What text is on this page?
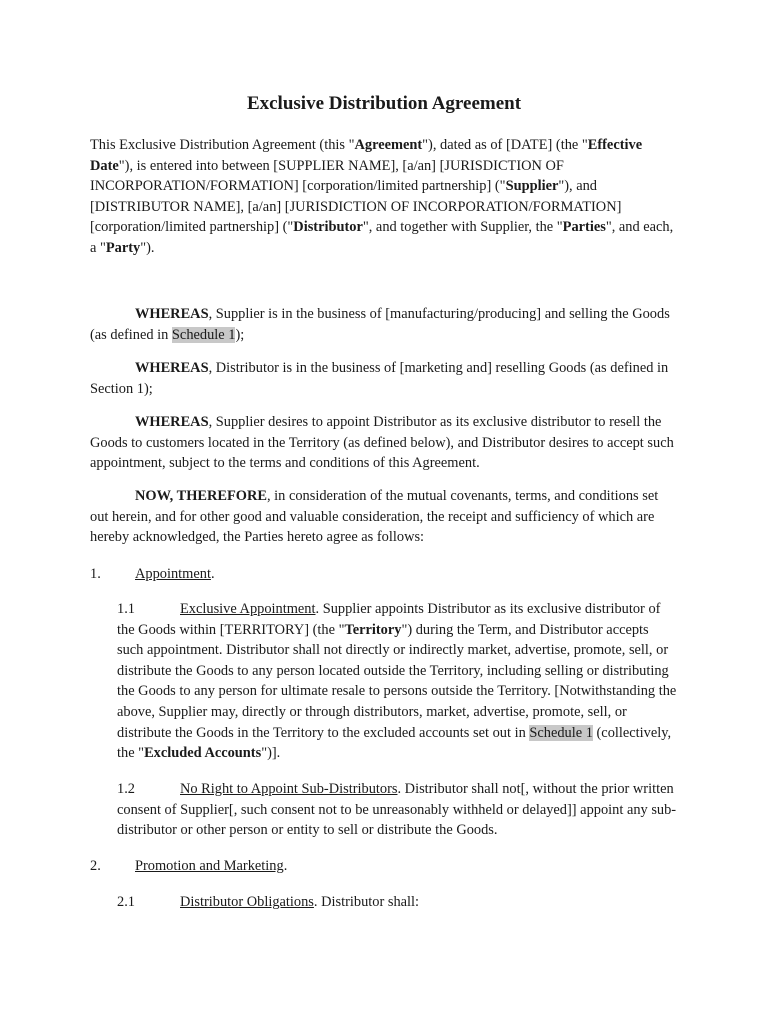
Exclusive Distribution Agreement

This Exclusive Distribution Agreement (this "Agreement"), dated as of [DATE] (the "Effective Date"), is entered into between [SUPPLIER NAME], [a/an] [JURISDICTION OF INCORPORATION/FORMATION] [corporation/limited partnership] ("Supplier"), and [DISTRIBUTOR NAME], [a/an] [JURISDICTION OF INCORPORATION/FORMATION] [corporation/limited partnership] ("Distributor", and together with Supplier, the "Parties", and each, a "Party").

WHEREAS, Supplier is in the business of [manufacturing/producing] and selling the Goods (as defined in Schedule 1);

WHEREAS, Distributor is in the business of [marketing and] reselling Goods (as defined in Section 1);

WHEREAS, Supplier desires to appoint Distributor as its exclusive distributor to resell the Goods to customers located in the Territory (as defined below), and Distributor desires to accept such appointment, subject to the terms and conditions of this Agreement.

NOW, THEREFORE, in consideration of the mutual covenants, terms, and conditions set out herein, and for other good and valuable consideration, the receipt and sufficiency of which are hereby acknowledged, the Parties hereto agree as follows:

1. Appointment.

1.1	Exclusive Appointment. Supplier appoints Distributor as its exclusive distributor of the Goods within [TERRITORY] (the "Territory") during the Term, and Distributor accepts such appointment. Distributor shall not directly or indirectly market, advertise, promote, sell, or distribute the Goods to any person located outside the Territory, including selling or distributing the Goods to any person for ultimate resale to persons outside the Territory. [Notwithstanding the above, Supplier may, directly or through distributors, market, advertise, promote, sell, or distribute the Goods in the Territory to the excluded accounts set out in Schedule 1 (collectively, the "Excluded Accounts")].

1.2	No Right to Appoint Sub-Distributors. Distributor shall not[, without the prior written consent of Supplier[, such consent not to be unreasonably withheld or delayed]] appoint any sub-distributor or other person or entity to sell or distribute the Goods.

2. Promotion and Marketing.

2.1	Distributor Obligations. Distributor shall:
